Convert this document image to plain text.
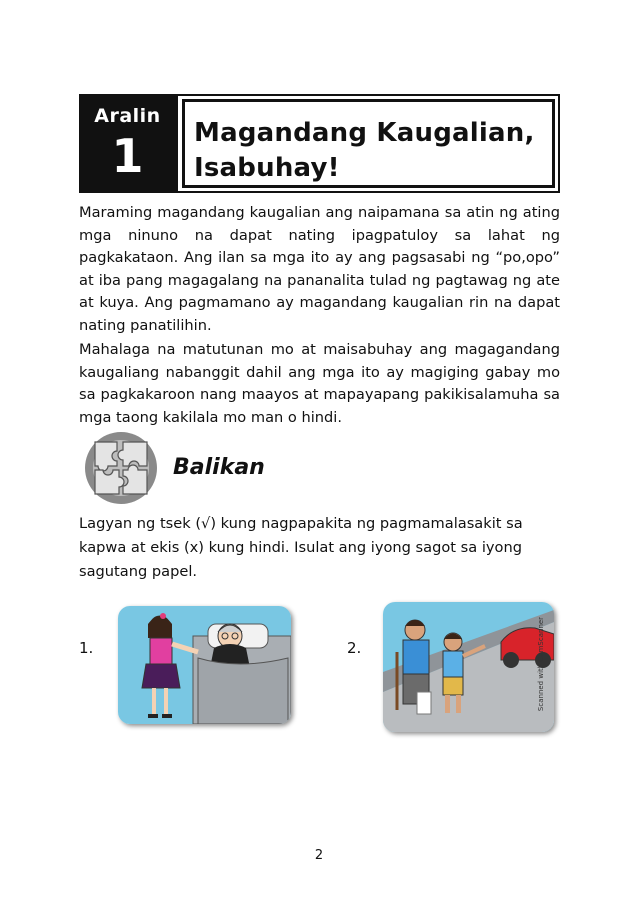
Aralin
1 Magandang Kaugalian,
Isabuhay!

Maraming magandang kaugalian ang naipamana sa atin ng ating mga ninuno na dapat nating ipagpatuloy sa lahat ng pagkakataon. Ang ilan sa mga ito ay ang pagsasabi ng “po,opo” at iba pang magagalang na pananalita tulad ng pagtawag ng ate at kuya. Ang pagmamano ay magandang kaugalian rin na dapat nating panatilihin.

Mahalaga na matutunan mo at maisabuhay ang magagandang kaugaliang nabanggit dahil ang mga ito ay magiging gabay mo sa pagkakaroon nang maayos at mapayapang pakikisalamuha sa mga taong kakilala mo man o hindi.

Balikan

Lagyan ng tsek (√) kung nagpapakita ng pagmamalasakit sa kapwa at ekis (x) kung hindi. Isulat ang iyong sagot sa iyong sagutang papel.

1.	2.	Scanned with CamScanner
2
